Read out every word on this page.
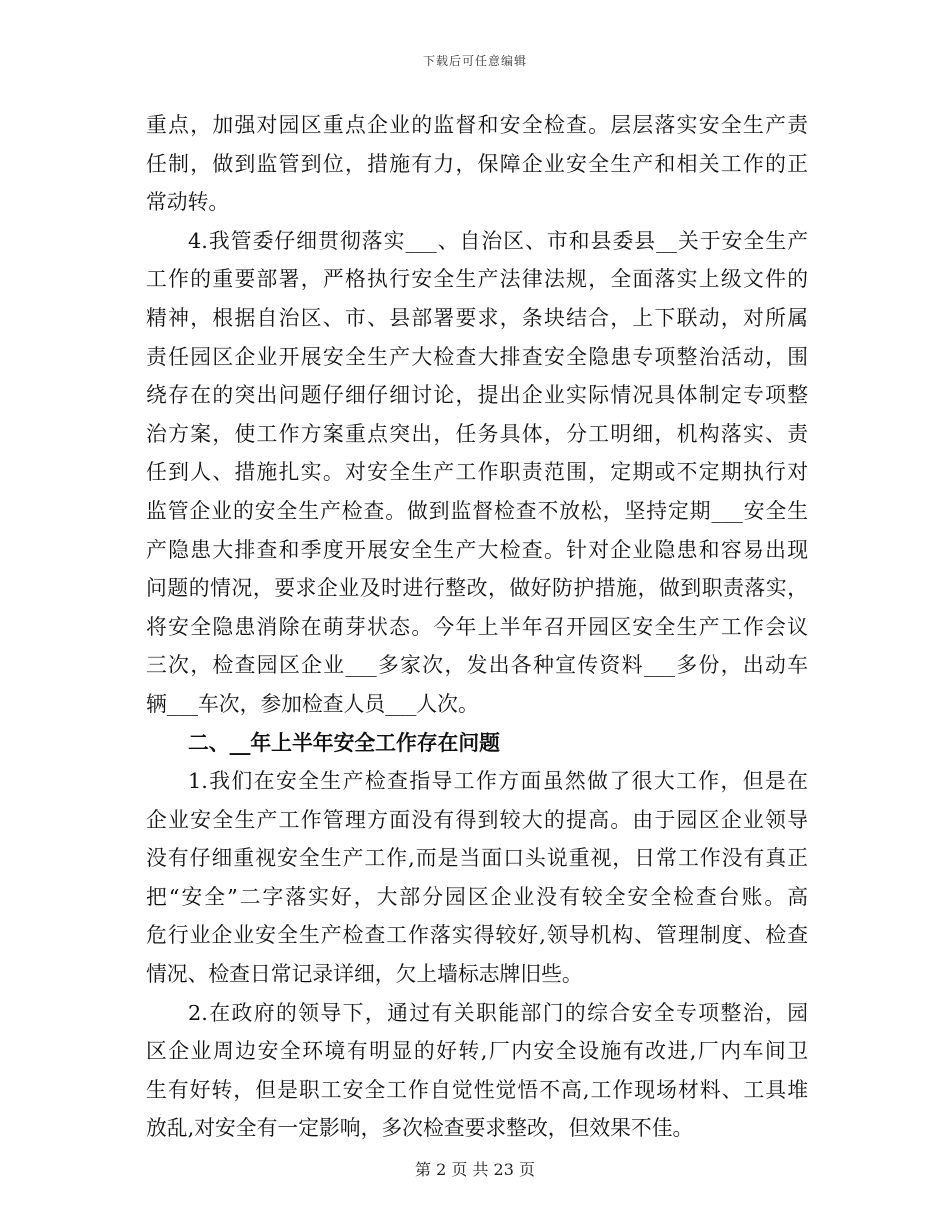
下载后可任意编辑
重点，加强对园区重点企业的监督和安全检查。层层落实安全生产责
任制，做到监管到位，措施有力，保障企业安全生产和相关工作的正
常动转。
4.我管委仔细贯彻落实___、自治区、市和县委县__关于安全生产
工作的重要部署，严格执行安全生产法律法规，全面落实上级文件的
精神，根据自治区、市、县部署要求，条块结合，上下联动，对所属
责任园区企业开展安全生产大检查大排查安全隐患专项整治活动，围
绕存在的突出问题仔细仔细讨论，提出企业实际情况具体制定专项整
治方案，使工作方案重点突出，任务具体，分工明细，机构落实、责
任到人、措施扎实。对安全生产工作职责范围，定期或不定期执行对
监管企业的安全生产检查。做到监督检查不放松，坚持定期___安全生
产隐患大排查和季度开展安全生产大检查。针对企业隐患和容易出现
问题的情况，要求企业及时进行整改，做好防护措施，做到职责落实，
将安全隐患消除在萌芽状态。今年上半年召开园区安全生产工作会议
三次，检查园区企业___多家次，发出各种宣传资料___多份，出动车
辆___车次，参加检查人员___人次。
二、__年上半年安全工作存在问题
1.我们在安全生产检查指导工作方面虽然做了很大工作，但是在
企业安全生产工作管理方面没有得到较大的提高。由于园区企业领导
没有仔细重视安全生产工作,而是当面口头说重视，日常工作没有真正
把“安全”二字落实好，大部分园区企业没有较全安全检查台账。高
危行业企业安全生产检查工作落实得较好,领导机构、管理制度、检查
情况、检查日常记录详细，欠上墙标志牌旧些。
2.在政府的领导下，通过有关职能部门的综合安全专项整治，园
区企业周边安全环境有明显的好转,厂内安全设施有改进,厂内车间卫
生有好转，但是职工安全工作自觉性觉悟不高,工作现场材料、工具堆
放乱,对安全有一定影响，多次检查要求整改，但效果不佳。
第 2 页 共 23 页
